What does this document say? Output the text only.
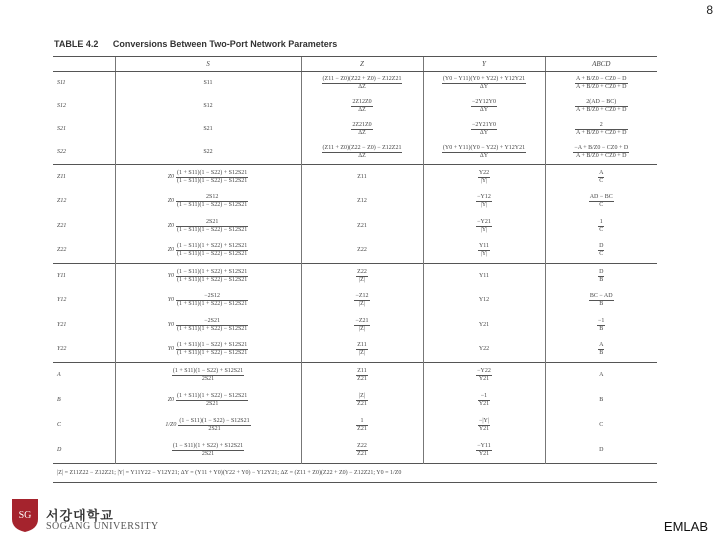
8
TABLE 4.2 Conversions Between Two-Port Network Parameters
	S	Z	Y	ABCD
S11	S11	$\frac{(Z11 - Z0)(Z22 + Z0) - Z12Z21}{\Delta Z}$	$\frac{(Y0 - Y11)(Y0 + Y22) + Y12Y21}{\Delta Y}$	$\frac{A + B/Z0 - CZ0 - D}{A + B/Z0 + CZ0 + D}$

S12	S12	$\frac{2Z12Z0}{\Delta Z}$	$\frac{-2Y12Y0}{\Delta Y}$	$\frac{2(AD - BC)}{A + B/Z0 + CZ0 + D}$

S21	S21	$\frac{2Z21Z0}{\Delta Z}$	$\frac{-2Y21Y0}{\Delta Y}$	$\frac{2}{A + B/Z0 + CZ0 + D}$

S22	S22	$\frac{(Z11 + Z0)(Z22 - Z0) - Z12Z21}{\Delta Z}$	$\frac{(Y0 + Y11)(Y0 - Y22) + Y12Y21}{\Delta Y}$	$\frac{-A + B/Z0 - CZ0 + D}{A + B/Z0 + CZ0 + D}$

Z11	$Z0 \frac{(1 + S11)(1 - S22) + S12S21}{(1 - S11)(1 - S22) - S12S21}$	Z11	$\frac{Y22}{|Y|}$	$\frac{A}{C}$

Z12	$Z0 \frac{2S12}{(1 - S11)(1 - S22) - S12S21}$	Z12	$\frac{-Y12}{|Y|}$	$\frac{AD - BC}{C}$

Z21	$Z0 \frac{2S21}{(1 - S11)(1 - S22) - S12S21}$	Z21	$\frac{-Y21}{|Y|}$	$\frac{1}{C}$

Z22	$Z0 \frac{(1 - S11)(1 + S22) + S12S21}{(1 - S11)(1 - S22) - S12S21}$	Z22	$\frac{Y11}{|Y|}$	$\frac{D}{C}$

Y11	$Y0 \frac{(1 - S11)(1 + S22) + S12S21}{(1 + S11)(1 + S22) - S12S21}$	$\frac{Z22}{|Z|}$	Y11	$\frac{D}{B}$

Y12	$Y0 \frac{-2S12}{(1 + S11)(1 + S22) - S12S21}$	$\frac{-Z12}{|Z|}$	Y12	$\frac{BC - AD}{B}$

Y21	$Y0 \frac{-2S21}{(1 + S11)(1 + S22) - S12S21}$	$\frac{-Z21}{|Z|}$	Y21	$\frac{-1}{B}$

Y22	$Y0 \frac{(1 + S11)(1 - S22) + S12S21}{(1 + S11)(1 + S22) - S12S21}$	$\frac{Z11}{|Z|}$	Y22	$\frac{A}{B}$

A	$\frac{(1 + S11)(1 - S22) + S12S21}{2S21}$	$\frac{Z11}{Z21}$	$\frac{-Y22}{Y21}$	A
B	$Z0 \frac{(1 + S11)(1 + S22) - S12S21}{2S21}$	$\frac{|Z|}{Z21}$	$\frac{-1}{Y21}$	B
C	$1/Z0 \frac{(1 - S11)(1 - S22) - S12S21}{2S21}$	$\frac{1}{Z21}$	$\frac{-|Y|}{Y21}$	C
D	$\frac{(1 - S11)(1 + S22) + S12S21}{2S21}$	$\frac{Z22}{Z21}$	$\frac{-Y11}{Y21}$	D
|Z| = Z11Z22 − Z12Z21; |Y| = Y11Y22 − Y12Y21; ΔY = (Y11 + Y0)(Y22 + Y0) − Y12Y21; ΔZ = (Z11 + Z0)(Z22 + Z0) − Z12Z21; Y0 = 1/Z0				
SG 서강대학교
SOGANG UNIVERSITY	EMLAB
